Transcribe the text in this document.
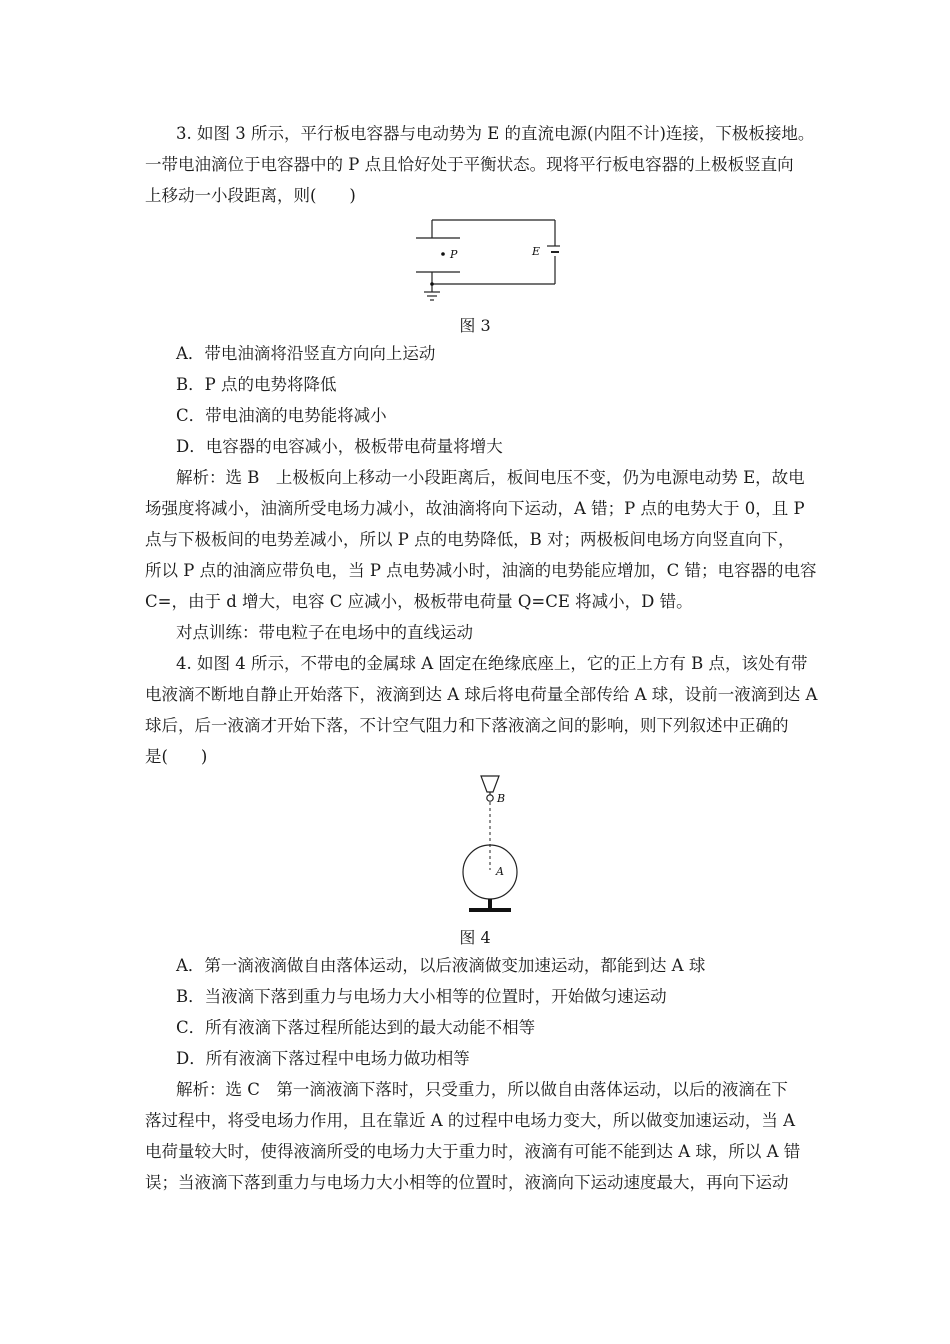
3. 如图 3 所示，平行板电容器与电动势为 E 的直流电源(内阻不计)连接，下极板接地。
一带电油滴位于电容器中的 P 点且恰好处于平衡状态。现将平行板电容器的上极板竖直向
上移动一小段距离，则(　　)
P	E
图 3
A．带电油滴将沿竖直方向向上运动
B．P 点的电势将降低
C．带电油滴的电势能将减小
D．电容器的电容减小，极板带电荷量将增大
解析：选 B　上极板向上移动一小段距离后，板间电压不变，仍为电源电动势 E，故电
场强度将减小，油滴所受电场力减小，故油滴将向下运动，A 错；P 点的电势大于 0，且 P
点与下极板间的电势差减小，所以 P 点的电势降低，B 对；两极板间电场方向竖直向下，
所以 P 点的油滴应带负电，当 P 点电势减小时，油滴的电势能应增加，C 错；电容器的电容
C=，由于 d 增大，电容 C 应减小，极板带电荷量 Q=CE 将减小，D 错。
对点训练：带电粒子在电场中的直线运动
4. 如图 4 所示，不带电的金属球 A 固定在绝缘底座上，它的正上方有 B 点，该处有带
电液滴不断地自静止开始落下，液滴到达 A 球后将电荷量全部传给 A 球，设前一液滴到达 A
球后，后一液滴才开始下落，不计空气阻力和下落液滴之间的影响，则下列叙述中正确的
是(　　)
B
A
图 4
A．第一滴液滴做自由落体运动，以后液滴做变加速运动，都能到达 A 球
B．当液滴下落到重力与电场力大小相等的位置时，开始做匀速运动
C．所有液滴下落过程所能达到的最大动能不相等
D．所有液滴下落过程中电场力做功相等
解析：选 C　第一滴液滴下落时，只受重力，所以做自由落体运动，以后的液滴在下
落过程中，将受电场力作用，且在靠近 A 的过程中电场力变大，所以做变加速运动，当 A
电荷量较大时，使得液滴所受的电场力大于重力时，液滴有可能不能到达 A 球，所以 A 错
误；当液滴下落到重力与电场力大小相等的位置时，液滴向下运动速度最大，再向下运动
